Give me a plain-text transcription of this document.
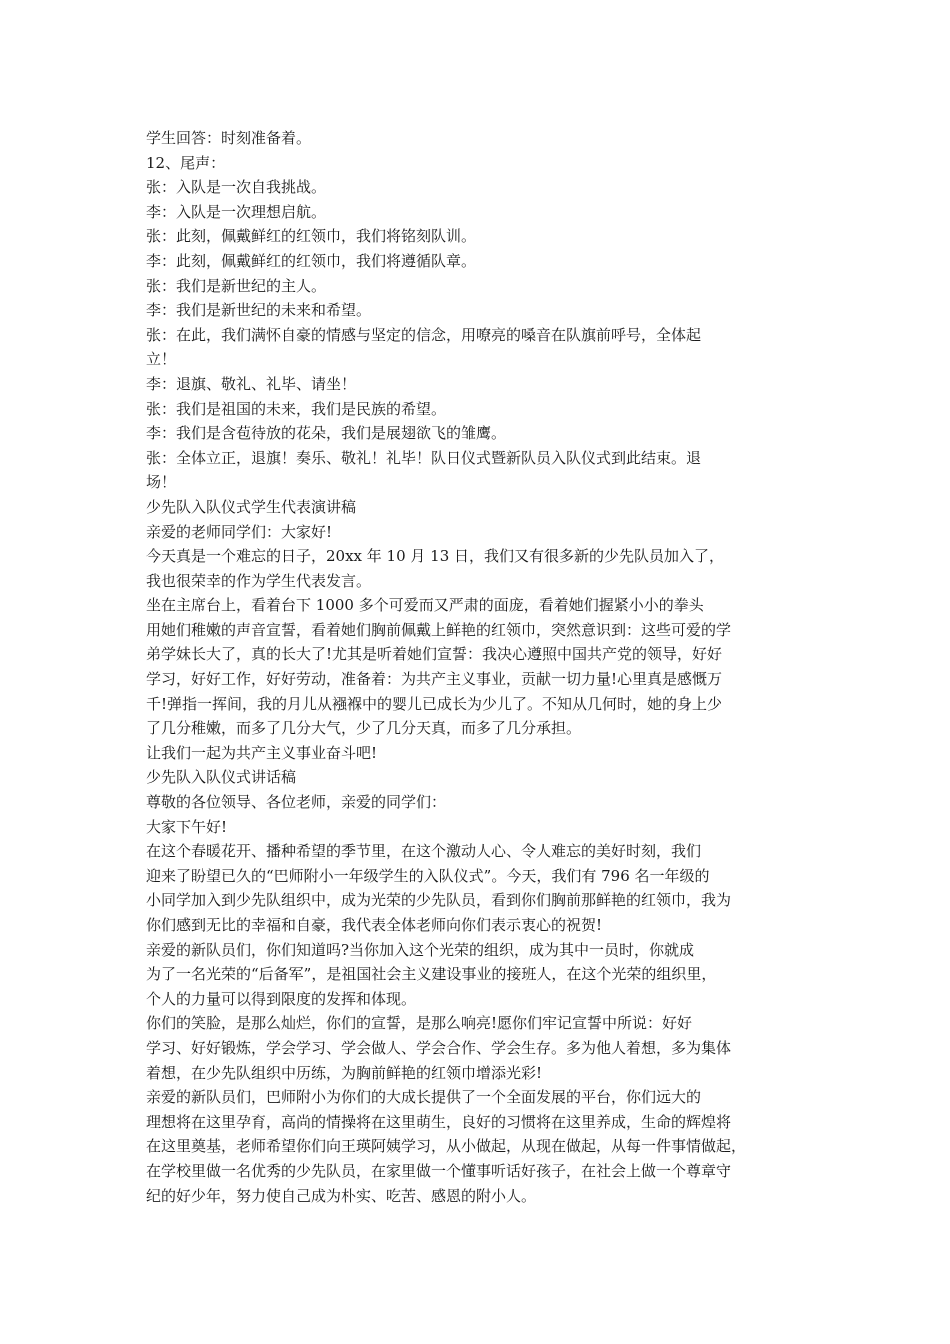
学生回答：时刻准备着。
12、尾声：
张：入队是一次自我挑战。
李：入队是一次理想启航。
张：此刻，佩戴鲜红的红领巾，我们将铭刻队训。
李：此刻，佩戴鲜红的红领巾，我们将遵循队章。
张：我们是新世纪的主人。
李：我们是新世纪的未来和希望。
张：在此，我们满怀自豪的情感与坚定的信念，用嘹亮的嗓音在队旗前呼号，全体起
立！
李：退旗、敬礼、礼毕、请坐！
张：我们是祖国的未来，我们是民族的希望。
李：我们是含苞待放的花朵，我们是展翅欲飞的雏鹰。
张：全体立正，退旗！奏乐、敬礼！礼毕！队日仪式暨新队员入队仪式到此结束。退
场！
少先队入队仪式学生代表演讲稿
亲爱的老师同学们：大家好!
今天真是一个难忘的日子，20xx 年 10 月 13 日，我们又有很多新的少先队员加入了，
我也很荣幸的作为学生代表发言。
坐在主席台上，看着台下 1000 多个可爱而又严肃的面庞，看着她们握紧小小的拳头
用她们稚嫩的声音宣誓，看着她们胸前佩戴上鲜艳的红领巾，突然意识到：这些可爱的学
弟学妹长大了，真的长大了!尤其是听着她们宣誓：我决心遵照中国共产党的领导，好好
学习，好好工作，好好劳动，准备着：为共产主义事业，贡献一切力量!心里真是感慨万
千!弹指一挥间，我的月儿从襁褓中的婴儿已成长为少儿了。不知从几何时，她的身上少
了几分稚嫩，而多了几分大气，少了几分天真，而多了几分承担。
让我们一起为共产主义事业奋斗吧!
少先队入队仪式讲话稿
尊敬的各位领导、各位老师，亲爱的同学们：
大家下午好!
在这个春暖花开、播种希望的季节里，在这个激动人心、令人难忘的美好时刻，我们
迎来了盼望已久的“巴师附小一年级学生的入队仪式”。今天，我们有 796 名一年级的
小同学加入到少先队组织中，成为光荣的少先队员，看到你们胸前那鲜艳的红领巾，我为
你们感到无比的幸福和自豪，我代表全体老师向你们表示衷心的祝贺!
亲爱的新队员们，你们知道吗?当你加入这个光荣的组织，成为其中一员时，你就成
为了一名光荣的“后备军”，是祖国社会主义建设事业的接班人，在这个光荣的组织里，
个人的力量可以得到限度的发挥和体现。
你们的笑脸，是那么灿烂，你们的宣誓，是那么响亮!愿你们牢记宣誓中所说：好好
学习、好好锻炼，学会学习、学会做人、学会合作、学会生存。多为他人着想，多为集体
着想，在少先队组织中历练，为胸前鲜艳的红领巾增添光彩!
亲爱的新队员们，巴师附小为你们的大成长提供了一个全面发展的平台，你们远大的
理想将在这里孕育，高尚的情操将在这里萌生，良好的习惯将在这里养成，生命的辉煌将
在这里奠基，老师希望你们向王瑛阿姨学习，从小做起，从现在做起，从每一件事情做起，
在学校里做一名优秀的少先队员，在家里做一个懂事听话好孩子，在社会上做一个尊章守
纪的好少年，努力使自己成为朴实、吃苦、感恩的附小人。
